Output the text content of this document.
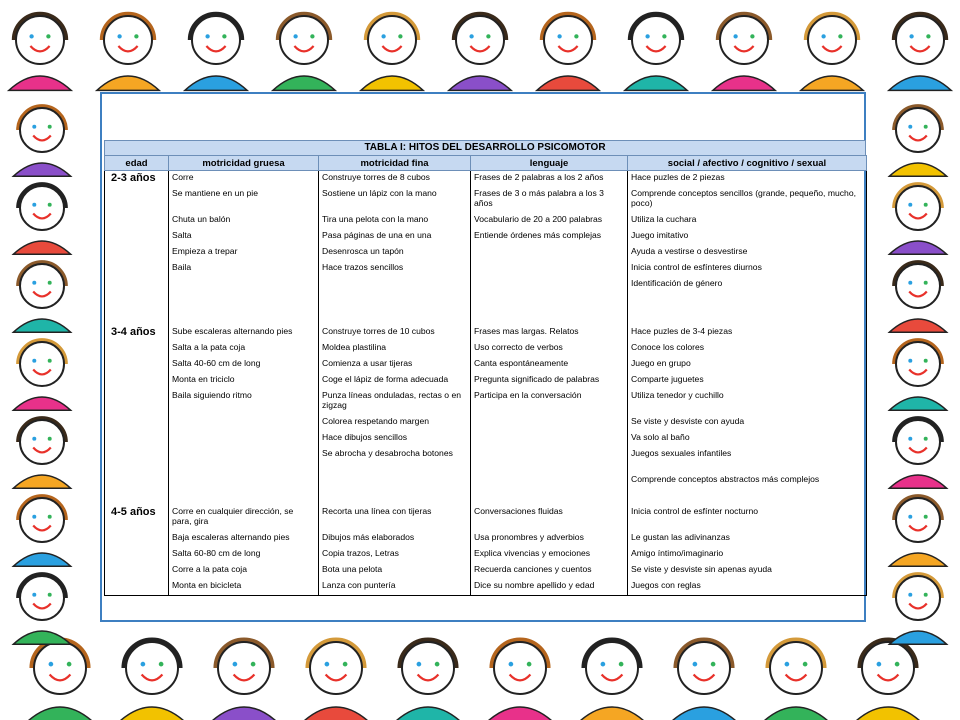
TABLA I: HITOS DEL DESARROLLO PSICOMOTOR
edad	motricidad gruesa	motricidad fina	lenguaje	social / afectivo / cognitivo / sexual
2-3 años	Corre	Construye torres de 8 cubos	Frases de 2 palabras a los 2 años	Hace puzles de 2 piezas
	Se mantiene en un pie	Sostiene un lápiz con la mano	Frases de 3 o más palabra a los 3 años	Comprende conceptos sencillos (grande, pequeño, mucho, poco)
	Chuta un balón	Tira una pelota con la mano	Vocabulario de 20 a 200 palabras	Utiliza la cuchara
	Salta	Pasa páginas de una en una	Entiende órdenes más complejas	Juego imitativo
	Empieza a trepar	Desenrosca un tapón		Ayuda a vestirse o desvestirse
	Baila	Hace trazos sencillos		Inicia control de esfínteres diurnos
				Identificación de género

3-4 años	Sube escaleras alternando pies	Construye torres de 10 cubos	Frases mas largas. Relatos	Hace puzles de 3-4 piezas
	Salta a la pata coja	Moldea plastilina	Uso correcto de verbos	Conoce los colores
	Salta 40-60 cm de long	Comienza a usar tijeras	Canta espontáneamente	Juego en grupo
	Monta en triciclo	Coge el lápiz de forma adecuada	Pregunta significado de palabras	Comparte juguetes
	Baila siguiendo ritmo	Punza líneas onduladas, rectas o en zigzag	Participa en la conversación	Utiliza tenedor y cuchillo
		Colorea respetando margen		Se viste y desviste con ayuda
		Hace dibujos sencillos		Va solo al baño
		Se abrocha y desabrocha botones		Juegos sexuales infantiles
				Comprende conceptos abstractos más complejos
4-5 años	Corre en cualquier dirección, se para, gira	Recorta una línea con tijeras	Conversaciones fluidas	Inicia control de esfínter nocturno
	Baja escaleras alternando pies	Dibujos más elaborados	Usa pronombres y adverbios	Le gustan las adivinanzas
	Salta 60-80 cm de long	Copia trazos, Letras	Explica vivencias y emociones	Amigo íntimo/imaginario
	Corre a la pata coja	Bota una pelota	Recuerda canciones y cuentos	Se viste y desviste sin apenas ayuda
	Monta en bicicleta	Lanza con puntería	Dice su nombre apellido y edad	Juegos con reglas
